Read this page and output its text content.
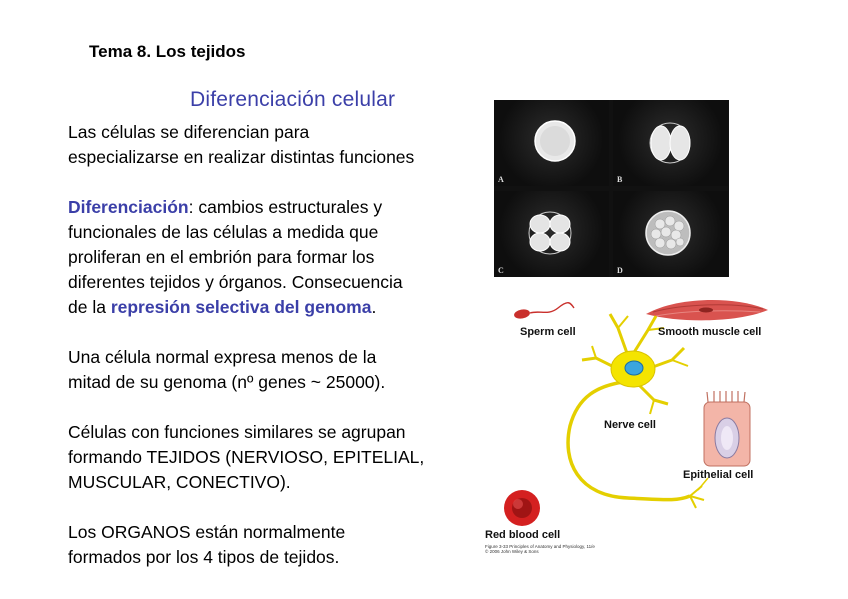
Tema 8. Los tejidos
Diferenciación celular
Las células se diferencian para
especializarse en realizar distintas funciones
Diferenciación: cambios estructurales y
funcionales de las células a medida que
proliferan en el embrión para formar los
diferentes tejidos y órganos. Consecuencia
de la represión selectiva del genoma.
Una célula normal expresa menos de la
mitad de su genoma (nº genes ~ 25000).
Células con funciones similares se agrupan
formando TEJIDOS (NERVIOSO, EPITELIAL,
MUSCULAR, CONECTIVO).
Los ORGANOS están normalmente
formados por los 4 tipos de tejidos.
A	B
C	D
Sperm cell	Smooth muscle cell
Nerve cell
Epithelial cell
Red blood cell
Figure 3-33 Principles of Anatomy and Physiology, 11/e
© 2006 John Wiley & Sons
